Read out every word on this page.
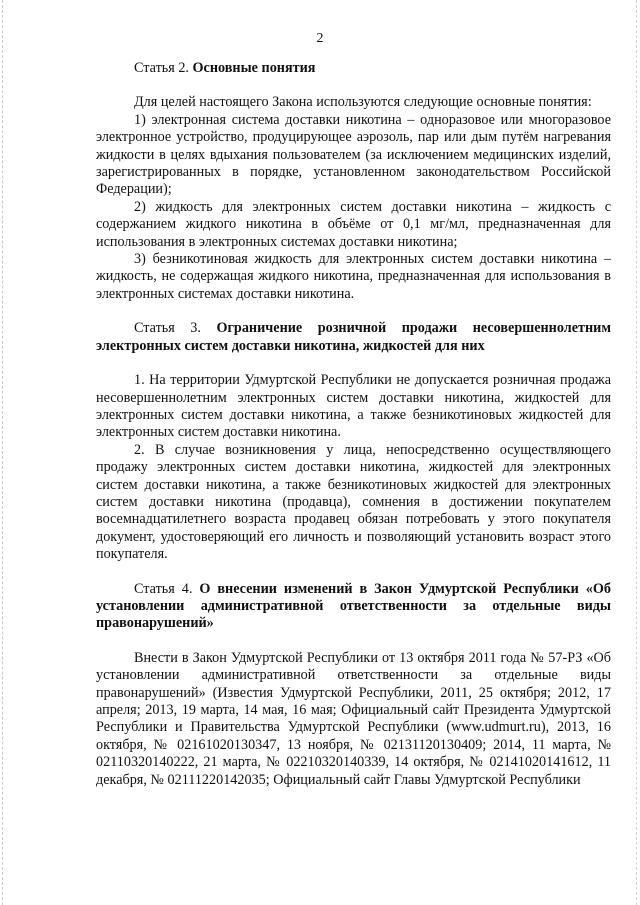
2

Статья 2. Основные понятия

Для целей настоящего Закона используются следующие основные понятия:

1) электронная система доставки никотина – одноразовое или многоразовое электронное устройство, продуцирующее аэрозоль, пар или дым путём нагревания жидкости в целях вдыхания пользователем (за исключением медицинских изделий, зарегистрированных в порядке, установленном законодательством Российской Федерации);

2) жидкость для электронных систем доставки никотина – жидкость с содержанием жидкого никотина в объёме от 0,1 мг/мл, предназначенная для использования в электронных системах доставки никотина;

3) безникотиновая жидкость для электронных систем доставки никотина – жидкость, не содержащая жидкого никотина, предназначенная для использования в электронных системах доставки никотина.

Статья 3. Ограничение розничной продажи несовершеннолетним электронных систем доставки никотина, жидкостей для них

1. На территории Удмуртской Республики не допускается розничная продажа несовершеннолетним электронных систем доставки никотина, жидкостей для электронных систем доставки никотина, а также безникотиновых жидкостей для электронных систем доставки никотина.

2. В случае возникновения у лица, непосредственно осуществляющего продажу электронных систем доставки никотина, жидкостей для электронных систем доставки никотина, а также безникотиновых жидкостей для электронных систем доставки никотина (продавца), сомнения в достижении покупателем восемнадцатилетнего возраста продавец обязан потребовать у этого покупателя документ, удостоверяющий его личность и позволяющий установить возраст этого покупателя.

Статья 4. О внесении изменений в Закон Удмуртской Республики «Об установлении административной ответственности за отдельные виды правонарушений»

Внести в Закон Удмуртской Республики от 13 октября 2011 года № 57-РЗ «Об установлении административной ответственности за отдельные виды правонарушений» (Известия Удмуртской Республики, 2011, 25 октября; 2012, 17 апреля; 2013, 19 марта, 14 мая, 16 мая; Официальный сайт Президента Удмуртской Республики и Правительства Удмуртской Республики (www.udmurt.ru), 2013, 16 октября, № 02161020130347, 13 ноября, № 02131120130409; 2014, 11 марта, № 02110320140222, 21 марта, № 02210320140339, 14 октября, № 02141020141612, 11 декабря, № 02111220142035; Официальный сайт Главы Удмуртской Республики
